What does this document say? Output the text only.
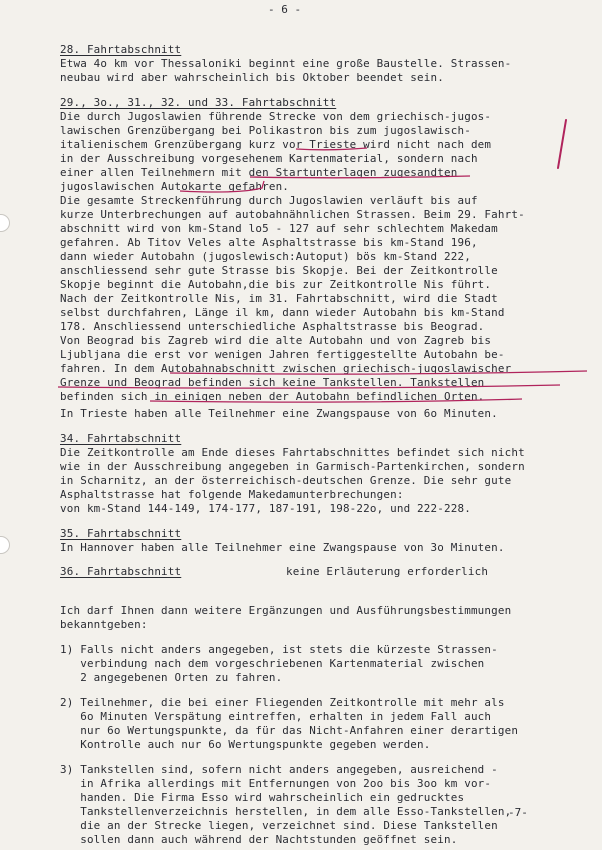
- 6 -
28. Fahrtabschnitt
Etwa 4o km vor Thessaloniki beginnt eine große Baustelle. Strassen-
neubau wird aber wahrscheinlich bis Oktober beendet sein.
29., 3o., 31., 32. und 33. Fahrtabschnitt
Die durch Jugoslawien führende Strecke von dem griechisch-jugos-
lawischen Grenzübergang bei Polikastron bis zum jugoslawisch-
italienischem Grenzübergang kurz vor Trieste wird nicht nach dem
in der Ausschreibung vorgesehenem Kartenmaterial, sondern nach
einer allen Teilnehmern mit den Startunterlagen zugesandten
jugoslawischen Autokarte gefahren.
Die gesamte Streckenführung durch Jugoslawien verläuft bis auf
kurze Unterbrechungen auf autobahnähnlichen Strassen. Beim 29. Fahrt-
abschnitt wird von km-Stand lo5 - 127 auf sehr schlechtem Makedam
gefahren. Ab Titov Veles alte Asphaltstrasse bis km-Stand 196,
dann wieder Autobahn (jugoslewisch:Autoput) bös km-Stand 222,
anschliessend sehr gute Strasse bis Skopje. Bei der Zeitkontrolle
Skopje beginnt die Autobahn,die bis zur Zeitkontrolle Nis führt.
Nach der Zeitkontrolle Nis, im 31. Fahrtabschnitt, wird die Stadt
selbst durchfahren, Länge il km, dann wieder Autobahn bis km-Stand
178. Anschliessend unterschiedliche Asphaltstrasse bis Beograd.
Von Beograd bis Zagreb wird die alte Autobahn und von Zagreb bis
Ljubljana die erst vor wenigen Jahren fertiggestellte Autobahn be-
fahren. In dem Autobahnabschnitt zwischen griechisch-jugoslawischer
Grenze und Beograd befinden sich keine Tankstellen. Tankstellen
befinden sich in einigen neben der Autobahn befindlichen Orten.
In Trieste haben alle Teilnehmer eine Zwangspause von 6o Minuten.
34. Fahrtabschnitt
Die Zeitkontrolle am Ende dieses Fahrtabschnittes befindet sich nicht
wie in der Ausschreibung angegeben in Garmisch-Partenkirchen, sondern
in Scharnitz, an der österreichisch-deutschen Grenze. Die sehr gute
Asphaltstrasse hat folgende Makedamunterbrechungen:
von km-Stand 144-149, 174-177, 187-191, 198-22o, und 222-228.
35. Fahrtabschnitt
In Hannover haben alle Teilnehmer eine Zwangspause von 3o Minuten.
36. Fahrtabschnitt	keine Erläuterung erforderlich
Ich darf Ihnen dann weitere Ergänzungen und Ausführungsbestimmungen
bekanntgeben:
1) Falls nicht anders angegeben, ist stets die kürzeste Strassen-
verbindung nach dem vorgeschriebenen Kartenmaterial zwischen
2 angegebenen Orten zu fahren.
2) Teilnehmer, die bei einer Fliegenden Zeitkontrolle mit mehr als
6o Minuten Verspätung eintreffen, erhalten in jedem Fall auch
nur 6o Wertungspunkte, da für das Nicht-Anfahren einer derartigen
Kontrolle auch nur 6o Wertungspunkte gegeben werden.
3) Tankstellen sind, sofern nicht anders angegeben, ausreichend -
in Afrika allerdings mit Entfernungen von 2oo bis 3oo km vor-
handen. Die Firma Esso wird wahrscheinlich ein gedrucktes
Tankstellenverzeichnis herstellen, in dem alle Esso-Tankstellen,
die an der Strecke liegen, verzeichnet sind. Diese Tankstellen
sollen dann auch während der Nachtstunden geöffnet sein.
-7-
